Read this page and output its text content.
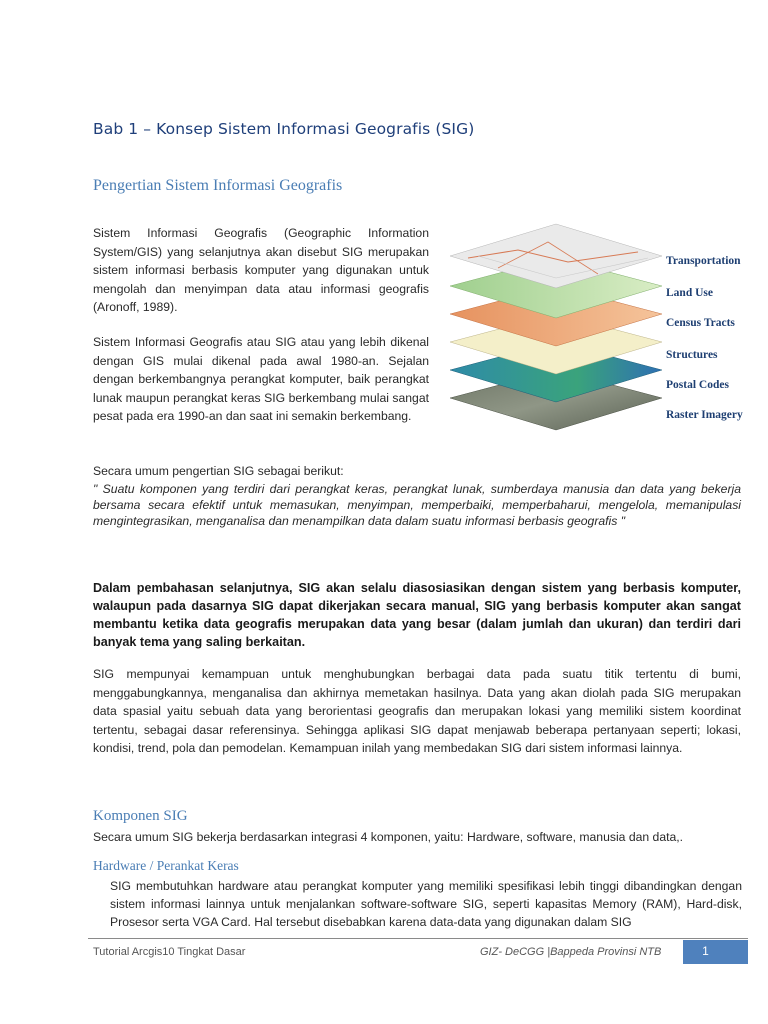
Bab 1 – Konsep Sistem Informasi Geografis (SIG)
Pengertian Sistem Informasi Geografis
Sistem Informasi Geografis (Geographic Information System/GIS) yang selanjutnya akan disebut SIG merupakan sistem informasi berbasis komputer yang digunakan untuk mengolah dan menyimpan data atau informasi geografis (Aronoff, 1989).
Sistem Informasi Geografis atau SIG atau yang lebih dikenal dengan GIS mulai dikenal pada awal 1980-an. Sejalan dengan berkembangnya perangkat komputer, baik perangkat lunak maupun perangkat keras SIG berkembang mulai sangat pesat pada era 1990-an dan saat ini semakin berkembang.
Transportation
Land Use
Census Tracts
Structures
Postal Codes
Raster Imagery
Secara umum pengertian SIG sebagai berikut:
" Suatu komponen yang terdiri dari perangkat keras, perangkat lunak, sumberdaya manusia dan data yang bekerja bersama secara efektif untuk memasukan, menyimpan, memperbaiki, memperbaharui, mengelola, memanipulasi mengintegrasikan, menganalisa dan menampilkan data dalam suatu informasi berbasis geografis "
Dalam pembahasan selanjutnya, SIG akan selalu diasosiasikan dengan sistem yang berbasis komputer, walaupun pada dasarnya SIG dapat dikerjakan secara manual, SIG yang berbasis komputer akan sangat membantu ketika data geografis merupakan data yang besar (dalam jumlah dan ukuran) dan terdiri dari banyak tema yang saling berkaitan.
SIG mempunyai kemampuan untuk menghubungkan berbagai data pada suatu titik tertentu di bumi, menggabungkannya, menganalisa dan akhirnya memetakan hasilnya. Data yang akan diolah pada SIG merupakan data spasial yaitu sebuah data yang berorientasi geografis dan merupakan lokasi yang memiliki sistem koordinat tertentu, sebagai dasar referensinya. Sehingga aplikasi SIG dapat menjawab beberapa pertanyaan seperti; lokasi, kondisi, trend, pola dan pemodelan. Kemampuan inilah yang membedakan SIG dari sistem informasi lainnya.
Komponen SIG
Secara umum SIG bekerja berdasarkan integrasi 4 komponen, yaitu: Hardware, software, manusia dan data,.
Hardware / Perankat Keras
SIG membutuhkan hardware atau perangkat komputer yang memiliki spesifikasi lebih tinggi dibandingkan dengan sistem informasi lainnya untuk menjalankan software-software SIG, seperti kapasitas Memory (RAM), Hard-disk, Prosesor serta VGA Card. Hal tersebut disebabkan karena data-data yang digunakan dalam SIG
Tutorial Arcgis10 Tingkat Dasar	GIZ- DeCGG |Bappeda Provinsi NTB	1
